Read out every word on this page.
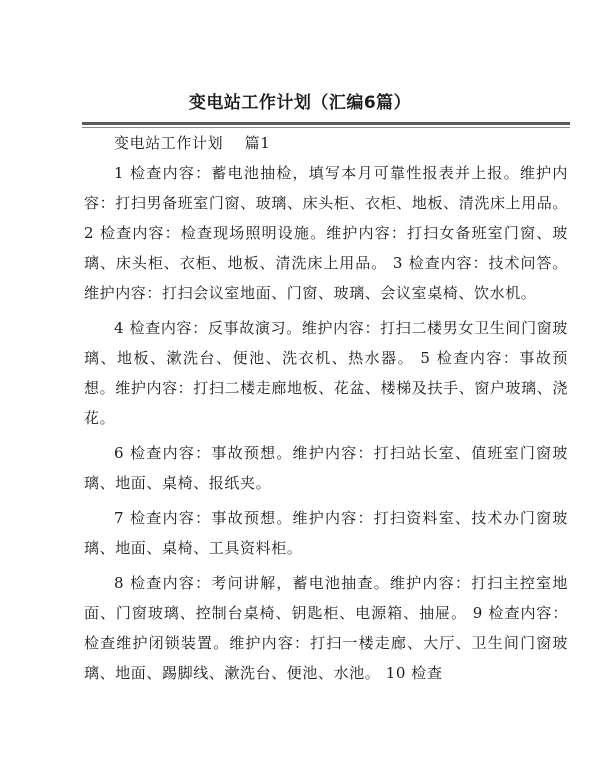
变电站工作计划（汇编6篇）

变电站工作计划    篇1

1 检查内容：蓄电池抽检，填写本月可靠性报表并上报。维护内容：打扫男备班室门窗、玻璃、床头柜、衣柜、地板、清洗床上用品。 2 检查内容：检查现场照明设施。维护内容：打扫女备班室门窗、玻璃、床头柜、衣柜、地板、清洗床上用品。 3 检查内容：技术问答。维护内容：打扫会议室地面、门窗、玻璃、会议室桌椅、饮水机。

4 检查内容：反事故演习。维护内容：打扫二楼男女卫生间门窗玻璃、地板、漱洗台、便池、洗衣机、热水器。 5 检查内容：事故预想。维护内容：打扫二楼走廊地板、花盆、楼梯及扶手、窗户玻璃、浇花。

6 检查内容：事故预想。维护内容：打扫站长室、值班室门窗玻璃、地面、桌椅、报纸夹。

7 检查内容：事故预想。维护内容：打扫资料室、技术办门窗玻璃、地面、桌椅、工具资料柜。

8 检查内容：考问讲解，蓄电池抽查。维护内容：打扫主控室地面、门窗玻璃、控制台桌椅、钥匙柜、电源箱、抽屉。 9 检查内容：检查维护闭锁装置。维护内容：打扫一楼走廊、大厅、卫生间门窗玻璃、地面、踢脚线、漱洗台、便池、水池。 10 检查
